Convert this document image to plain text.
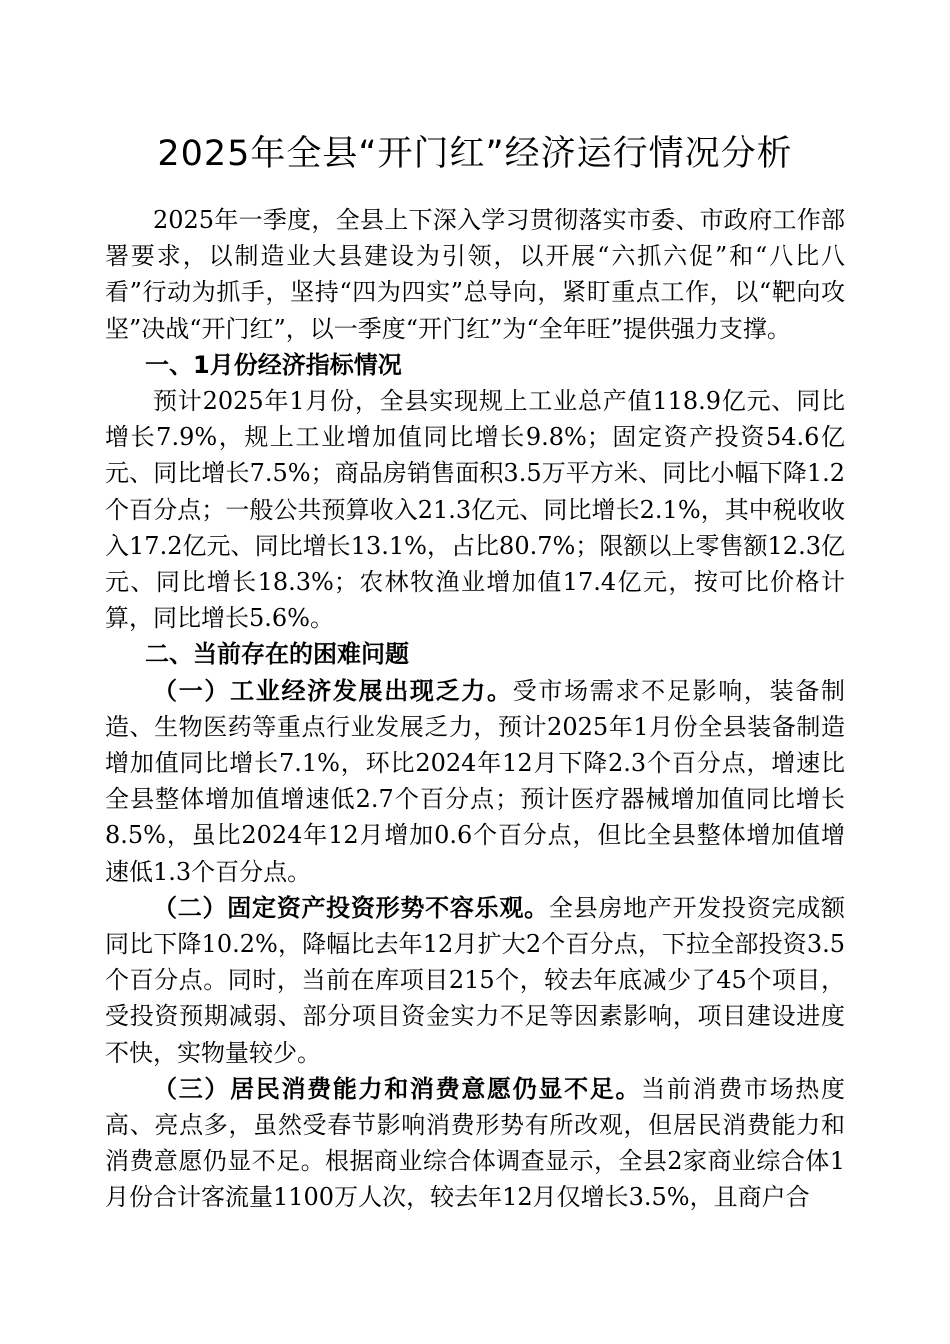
2025年全县“开门红”经济运行情况分析

2025年一季度，全县上下深入学习贯彻落实市委、市政府工作部署要求，以制造业大县建设为引领，以开展“六抓六促”和“八比八看”行动为抓手，坚持“四为四实”总导向，紧盯重点工作，以“靶向攻坚”决战“开门红”，以一季度“开门红”为“全年旺”提供强力支撑。

一、1月份经济指标情况

预计2025年1月份，全县实现规上工业总产值118.9亿元、同比增长7.9%，规上工业增加值同比增长9.8%；固定资产投资54.6亿元、同比增长7.5%；商品房销售面积3.5万平方米、同比小幅下降1.2个百分点；一般公共预算收入21.3亿元、同比增长2.1%，其中税收收入17.2亿元、同比增长13.1%，占比80.7%；限额以上零售额12.3亿元、同比增长18.3%；农林牧渔业增加值17.4亿元，按可比价格计算，同比增长5.6%。

二、当前存在的困难问题

（一）工业经济发展出现乏力。受市场需求不足影响，装备制造、生物医药等重点行业发展乏力，预计2025年1月份全县装备制造增加值同比增长7.1%，环比2024年12月下降2.3个百分点，增速比全县整体增加值增速低2.7个百分点；预计医疗器械增加值同比增长8.5%，虽比2024年12月增加0.6个百分点，但比全县整体增加值增速低1.3个百分点。

（二）固定资产投资形势不容乐观。全县房地产开发投资完成额同比下降10.2%，降幅比去年12月扩大2个百分点，下拉全部投资3.5个百分点。同时，当前在库项目215个，较去年底减少了45个项目，受投资预期减弱、部分项目资金实力不足等因素影响，项目建设进度不快，实物量较少。

（三）居民消费能力和消费意愿仍显不足。当前消费市场热度高、亮点多，虽然受春节影响消费形势有所改观，但居民消费能力和消费意愿仍显不足。根据商业综合体调查显示，全县2家商业综合体1月份合计客流量1100万人次，较去年12月仅增长3.5%，且商户合
